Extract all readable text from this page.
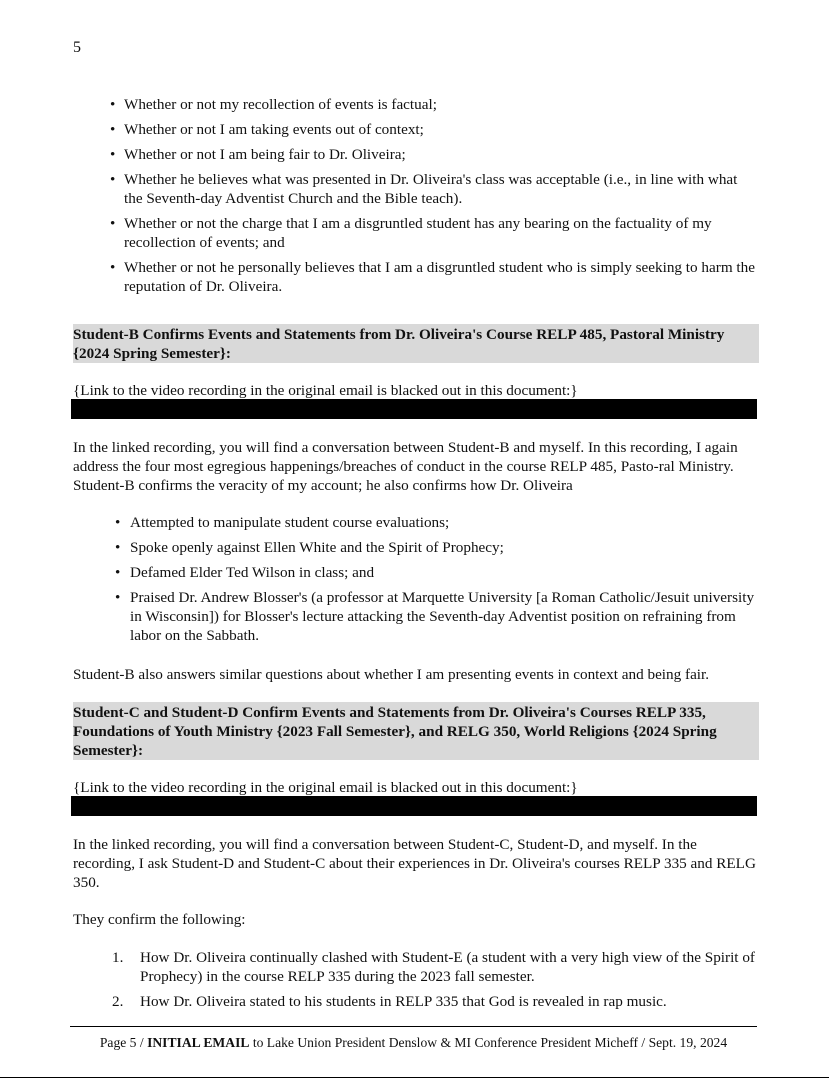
5
• Whether or not my recollection of events is factual;
• Whether or not I am taking events out of context;
• Whether or not I am being fair to Dr. Oliveira;
• Whether he believes what was presented in Dr. Oliveira's class was acceptable (i.e., in line with what the Seventh-day Adventist Church and the Bible teach).
• Whether or not the charge that I am a disgruntled student has any bearing on the factuality of my recollection of events; and
• Whether or not he personally believes that I am a disgruntled student who is simply seeking to harm the reputation of Dr. Oliveira.
Student-B Confirms Events and Statements from Dr. Oliveira's Course RELP 485, Pastoral Ministry {2024 Spring Semester}:
{Link to the video recording in the original email is blacked out in this document:}
In the linked recording, you will find a conversation between Student-B and myself. In this recording, I again address the four most egregious happenings/breaches of conduct in the course RELP 485, Pasto-ral Ministry. Student-B confirms the veracity of my account; he also confirms how Dr. Oliveira
• Attempted to manipulate student course evaluations;
• Spoke openly against Ellen White and the Spirit of Prophecy;
• Defamed Elder Ted Wilson in class; and
• Praised Dr. Andrew Blosser's (a professor at Marquette University [a Roman Catholic/Jesuit university in Wisconsin]) for Blosser's lecture attacking the Seventh-day Adventist position on refraining from labor on the Sabbath.
Student-B also answers similar questions about whether I am presenting events in context and being fair.
Student-C and Student-D Confirm Events and Statements from Dr. Oliveira's Courses RELP 335, Foundations of Youth Ministry {2023 Fall Semester}, and RELG 350, World Religions {2024 Spring Semester}:
{Link to the video recording in the original email is blacked out in this document:}
In the linked recording, you will find a conversation between Student-C, Student-D, and myself. In the recording, I ask Student-D and Student-C about their experiences in Dr. Oliveira's courses RELP 335 and RELG 350.
They confirm the following:
1. How Dr. Oliveira continually clashed with Student-E (a student with a very high view of the Spirit of Prophecy) in the course RELP 335 during the 2023 fall semester.
2. How Dr. Oliveira stated to his students in RELP 335 that God is revealed in rap music.
Page 5 / INITIAL EMAIL to Lake Union President Denslow & MI Conference President Micheff / Sept. 19, 2024
